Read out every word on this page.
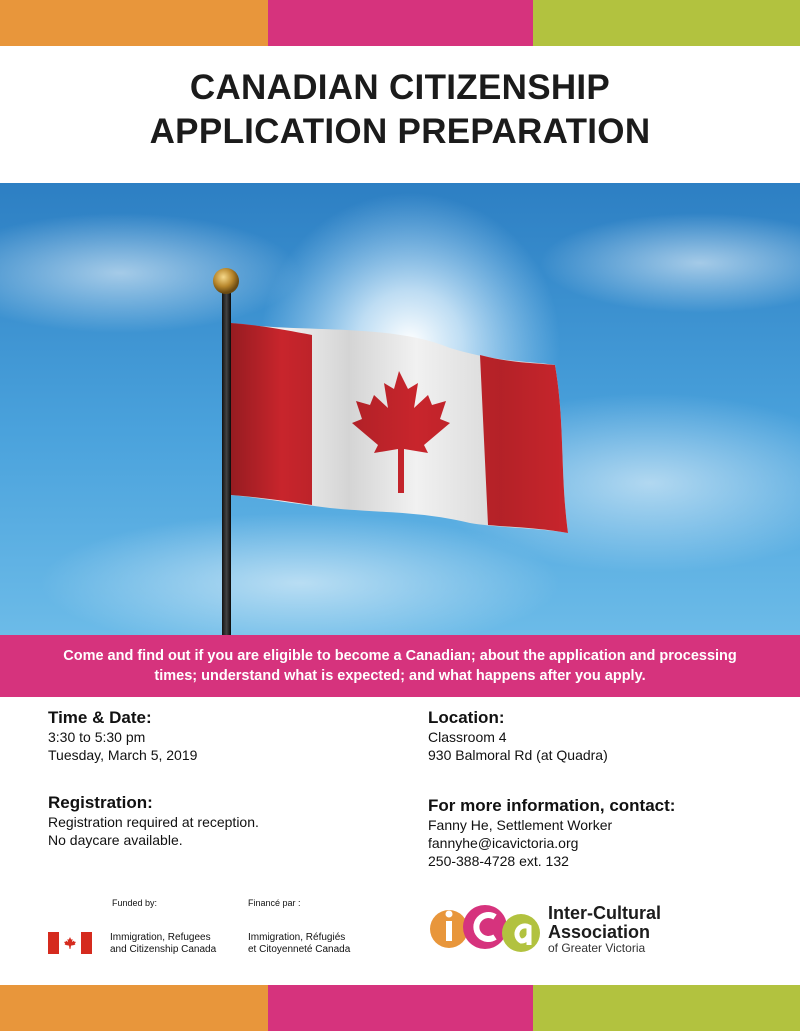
CANADIAN CITIZENSHIP
APPLICATION PREPARATION

Come and find out if you are eligible to become a Canadian; about the application and processing times; understand what is expected; and what happens after you apply.

Time & Date:
3:30 to 5:30 pm
Tuesday, March 5, 2019
Registration:
Registration required at reception.
No daycare available.
Location:
Classroom 4
930 Balmoral Rd (at Quadra)
For more information, contact:
Fanny He, Settlement Worker
fannyhe@icavictoria.org
250-388-4728 ext. 132
Funded by:	Financé par :
Immigration, Refugees
and Citizenship Canada
Immigration, Réfugiés
et Citoyenneté Canada
iCa
Inter-Cultural
Association
of Greater Victoria
